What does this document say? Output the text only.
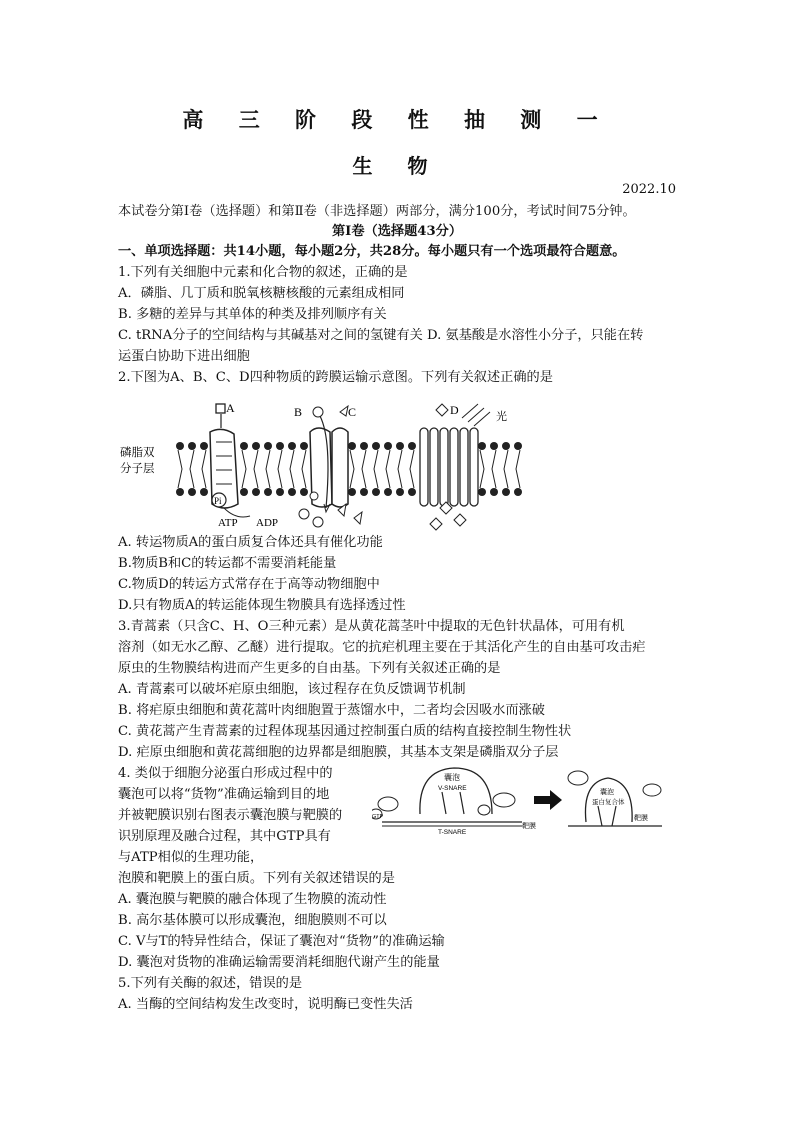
高 三 阶 段 性 抽 测 一
生 物
2022.10
本试卷分第Ⅰ卷（选择题）和第Ⅱ卷（非选择题）两部分，满分100分，考试时间75分钟。
第Ⅰ卷（选择题43分）
一、单项选择题：共14小题，每小题2分，共28分。每小题只有一个选项最符合题意。
1.下列有关细胞中元素和化合物的叙述，正确的是
A．磷脂、几丁质和脱氧核糖核酸的元素组成相同
B. 多糖的差异与其单体的种类及排列顺序有关
C. tRNA分子的空间结构与其碱基对之间的氢键有关 D. 氨基酸是水溶性小分子，只能在转
运蛋白协助下进出细胞
2.下图为A、B、C、D四种物质的跨膜运输示意图。下列有关叙述正确的是
A	B	C	D	光
磷脂双
分子层
Pi
ATP ADP
A. 转运物质A的蛋白质复合体还具有催化功能
B.物质B和C的转运都不需要消耗能量
C.物质D的转运方式常存在于高等动物细胞中
D.只有物质A的转运能体现生物膜具有选择透过性
3.青蒿素（只含C、H、O三种元素）是从黄花蒿茎叶中提取的无色针状晶体，可用有机
溶剂（如无水乙醇、乙醚）进行提取。它的抗疟机理主要在于其活化产生的自由基可攻击疟
原虫的生物膜结构进而产生更多的自由基。下列有关叙述正确的是
A. 青蒿素可以破坏疟原虫细胞，该过程存在负反馈调节机制
B. 将疟原虫细胞和黄花蒿叶肉细胞置于蒸馏水中，二者均会因吸水而涨破
C. 黄花蒿产生青蒿素的过程体现基因通过控制蛋白质的结构直接控制生物性状
D. 疟原虫细胞和黄花蒿细胞的边界都是细胞膜，其基本支架是磷脂双分子层
4. 类似于细胞分泌蛋白形成过程中的
囊泡可以将“货物”准确运输到目的地
并被靶膜识别右图表示囊泡膜与靶膜的
识别原理及融合过程，其中GTP具有
与ATP相似的生理功能，
泡膜和靶膜上的蛋白质。下列有关叙述错误的是
囊泡
V-SNARE
T-SNARE
靶膜
GTP
囊泡
蛋白复合体
靶膜
A. 囊泡膜与靶膜的融合体现了生物膜的流动性
B. 高尔基体膜可以形成囊泡，细胞膜则不可以
C. V与T的特异性结合，保证了囊泡对“货物”的准确运输
D. 囊泡对货物的准确运输需要消耗细胞代谢产生的能量
5.下列有关酶的叙述，错误的是
A. 当酶的空间结构发生改变时，说明酶已变性失活
